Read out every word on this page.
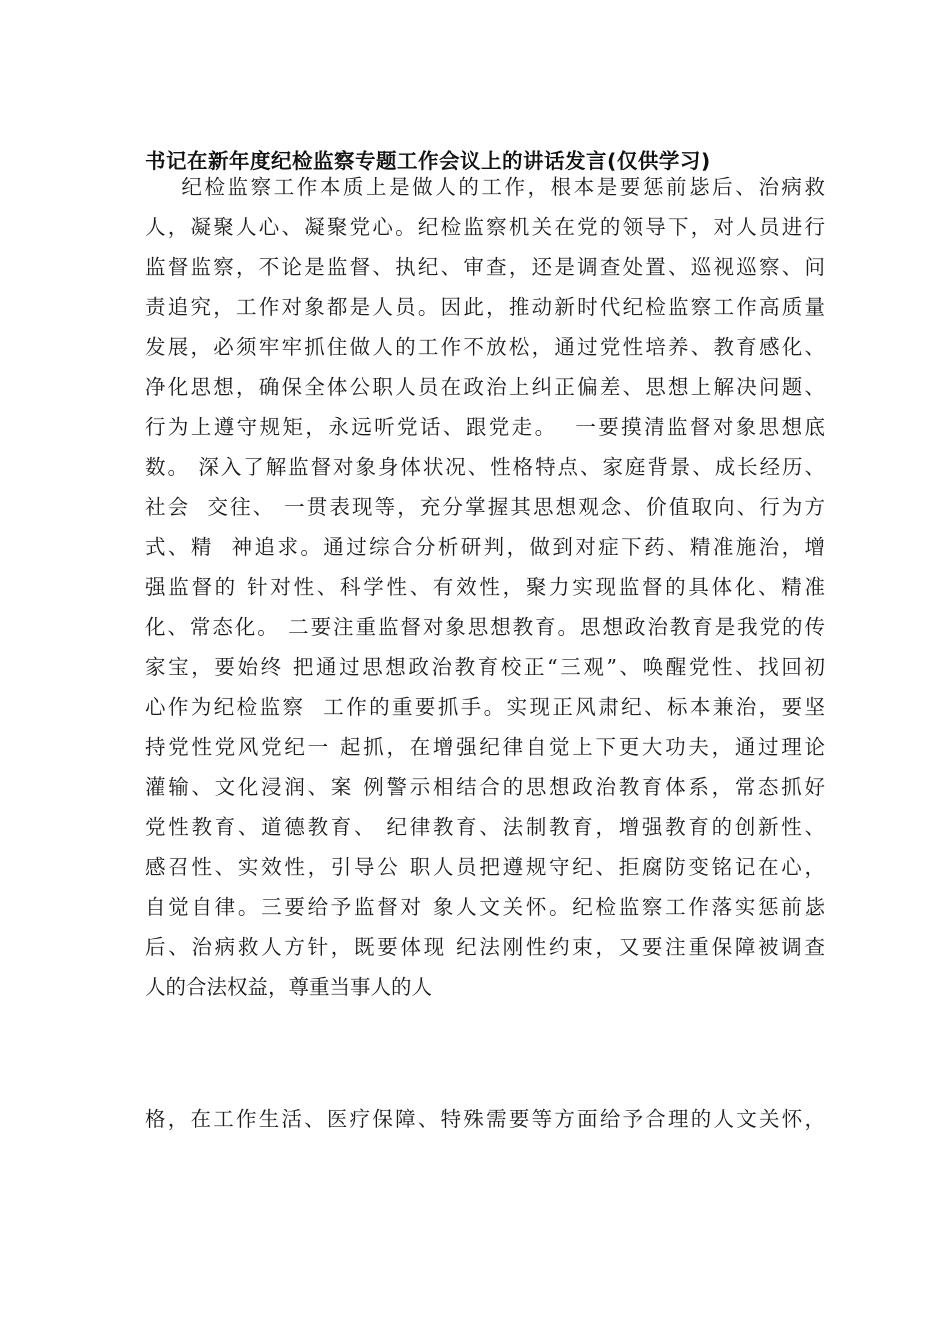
书记在新年度纪检监察专题工作会议上的讲话发言(仅供学习)
纪检监察工作本质上是做人的工作，根本是要惩前毖后、治病救
人，凝聚人心、凝聚党心。纪检监察机关在党的领导下，对人员进行
监督监察，不论是监督、执纪、审查，还是调查处置、巡视巡察、问
责追究，工作对象都是人员。因此，推动新时代纪检监察工作高质量
发展，必须牢牢抓住做人的工作不放松，通过党性培养、教育感化、
净化思想，确保全体公职人员在政治上纠正偏差、思想上解决问题、
行为上遵守规矩，永远听党话、跟党走。  一要摸清监督对象思想底
数。 深入了解监督对象身体状况、性格特点、家庭背景、成长经历、
社会  交往、 一贯表现等，充分掌握其思想观念、价值取向、行为方
式、精  神追求。通过综合分析研判，做到对症下药、精准施治，增
强监督的 针对性、科学性、有效性，聚力实现监督的具体化、精准
化、常态化。 二要注重监督对象思想教育。思想政治教育是我党的传
家宝，要始终 把通过思想政治教育校正“三观”、唤醒党性、找回初
心作为纪检监察  工作的重要抓手。实现正风肃纪、标本兼治，要坚
持党性党风党纪一 起抓，在增强纪律自觉上下更大功夫，通过理论
灌输、文化浸润、案 例警示相结合的思想政治教育体系，常态抓好
党性教育、道德教育、 纪律教育、法制教育，增强教育的创新性、
感召性、实效性，引导公 职人员把遵规守纪、拒腐防变铭记在心，
自觉自律。三要给予监督对 象人文关怀。纪检监察工作落实惩前毖
后、治病救人方针，既要体现 纪法刚性约束，又要注重保障被调查
人的合法权益，尊重当事人的人
格，在工作生活、医疗保障、特殊需要等方面给予合理的人文关怀，
